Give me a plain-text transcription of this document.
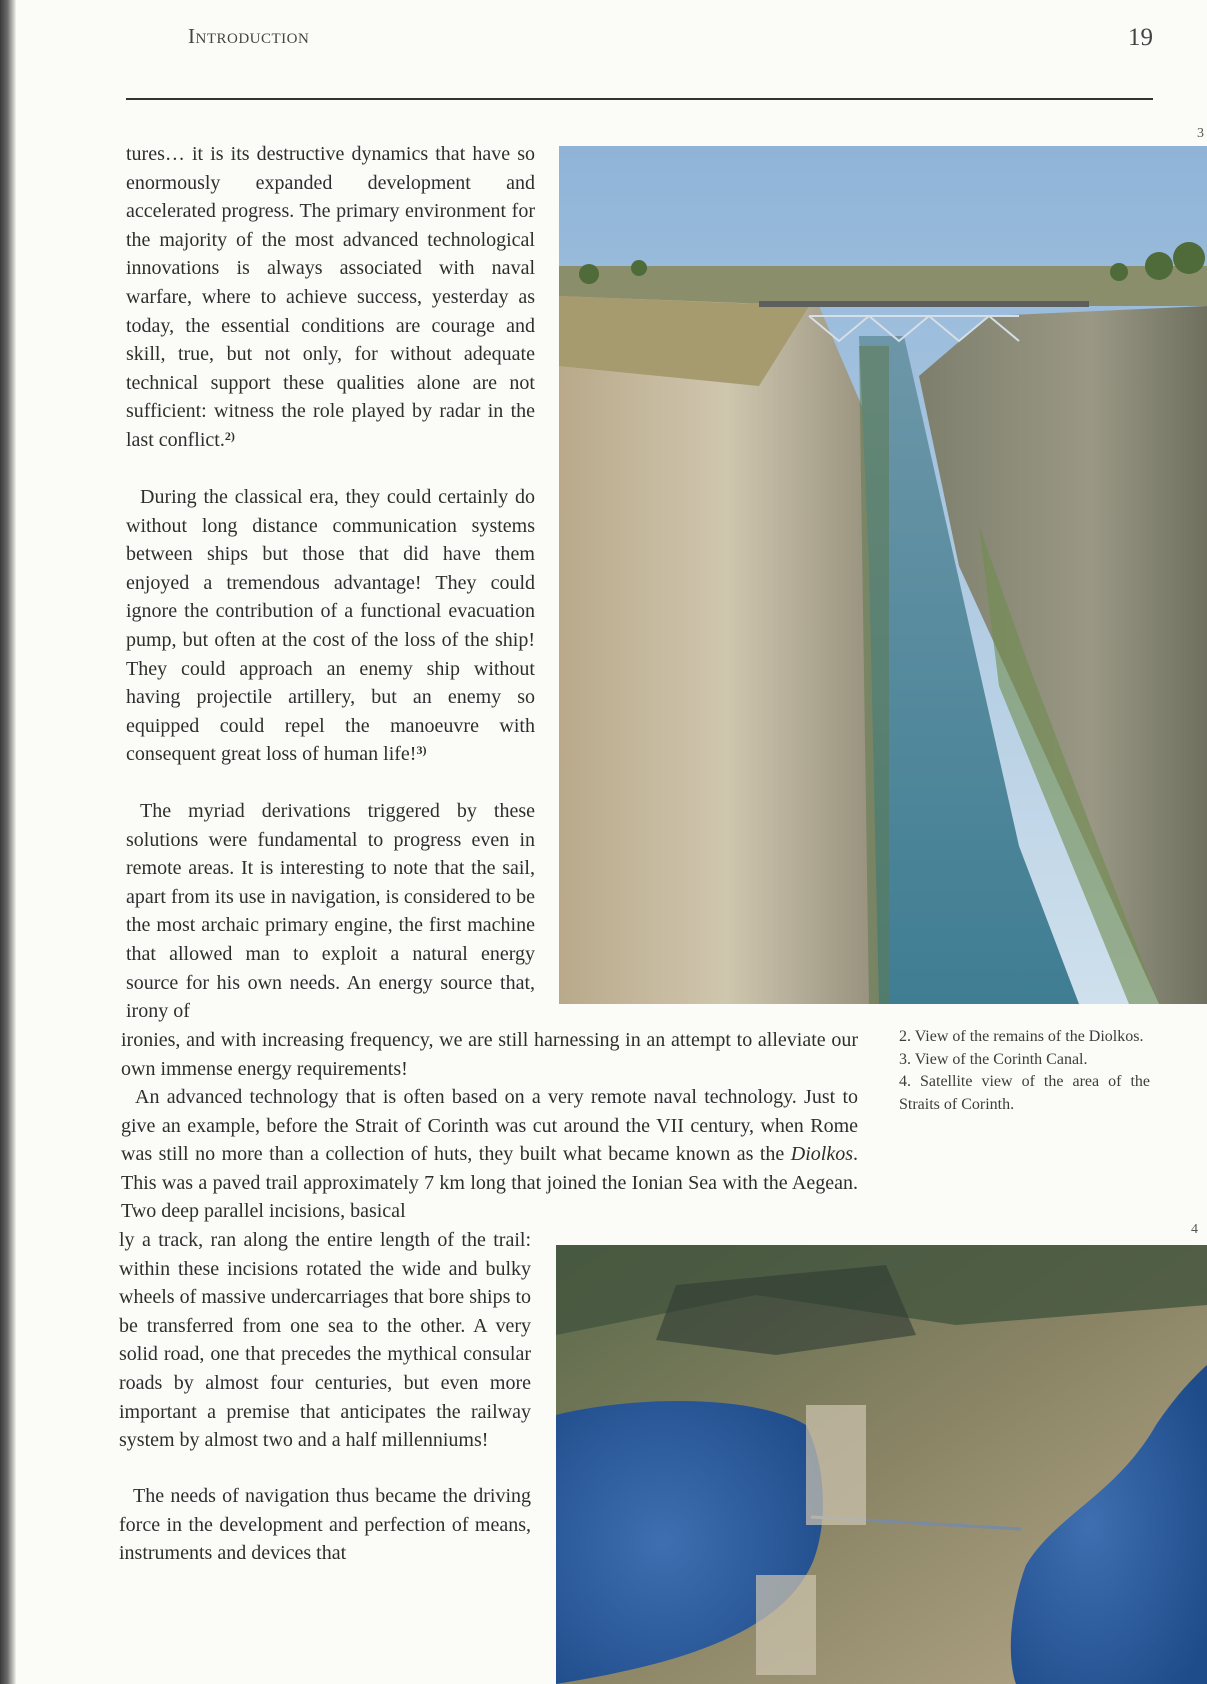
Introduction	19

tures… it is its destructive dynamics that have so enormously expanded development and accelerated progress. The primary environment for the majority of the most advanced technological innovations is always associated with naval warfare, where to achieve success, yesterday as today, the essential conditions are courage and skill, true, but not only, for without adequate technical support these qualities alone are not sufficient: witness the role played by radar in the last conflict.$^{2)}$

During the classical era, they could certainly do without long distance communication systems between ships but those that did have them enjoyed a tremendous advantage! They could ignore the contribution of a functional evacuation pump, but often at the cost of the loss of the ship! They could approach an enemy ship without having projectile artillery, but an enemy so equipped could repel the manoeuvre with consequent great loss of human life!$^{3)}$

The myriad derivations triggered by these solutions were fundamental to progress even in remote areas. It is interesting to note that the sail, apart from its use in navigation, is considered to be the most archaic primary engine, the first machine that allowed man to exploit a natural energy source for his own needs. An energy source that, irony of

ironies, and with increasing frequency, we are still harnessing in an attempt to alleviate our own immense energy requirements!

An advanced technology that is often based on a very remote naval technology. Just to give an example, before the Strait of Corinth was cut around the VII century, when Rome was still no more than a collection of huts, they built what became known as the Diolkos. This was a paved trail approximately 7 km long that joined the Ionian Sea with the Aegean. Two deep parallel incisions, basical

ly a track, ran along the entire length of the trail: within these incisions rotated the wide and bulky wheels of massive undercarriages that bore ships to be transferred from one sea to the other. A very solid road, one that precedes the mythical consular roads by almost four centuries, but even more important a premise that anticipates the railway system by almost two and a half millenniums!

The needs of navigation thus became the driving force in the development and perfection of means, instruments and devices that

3
4

2. View of the remains of the Diolkos.

3. View of the Corinth Canal.

4. Satellite view of the area of the Straits of Corinth.
